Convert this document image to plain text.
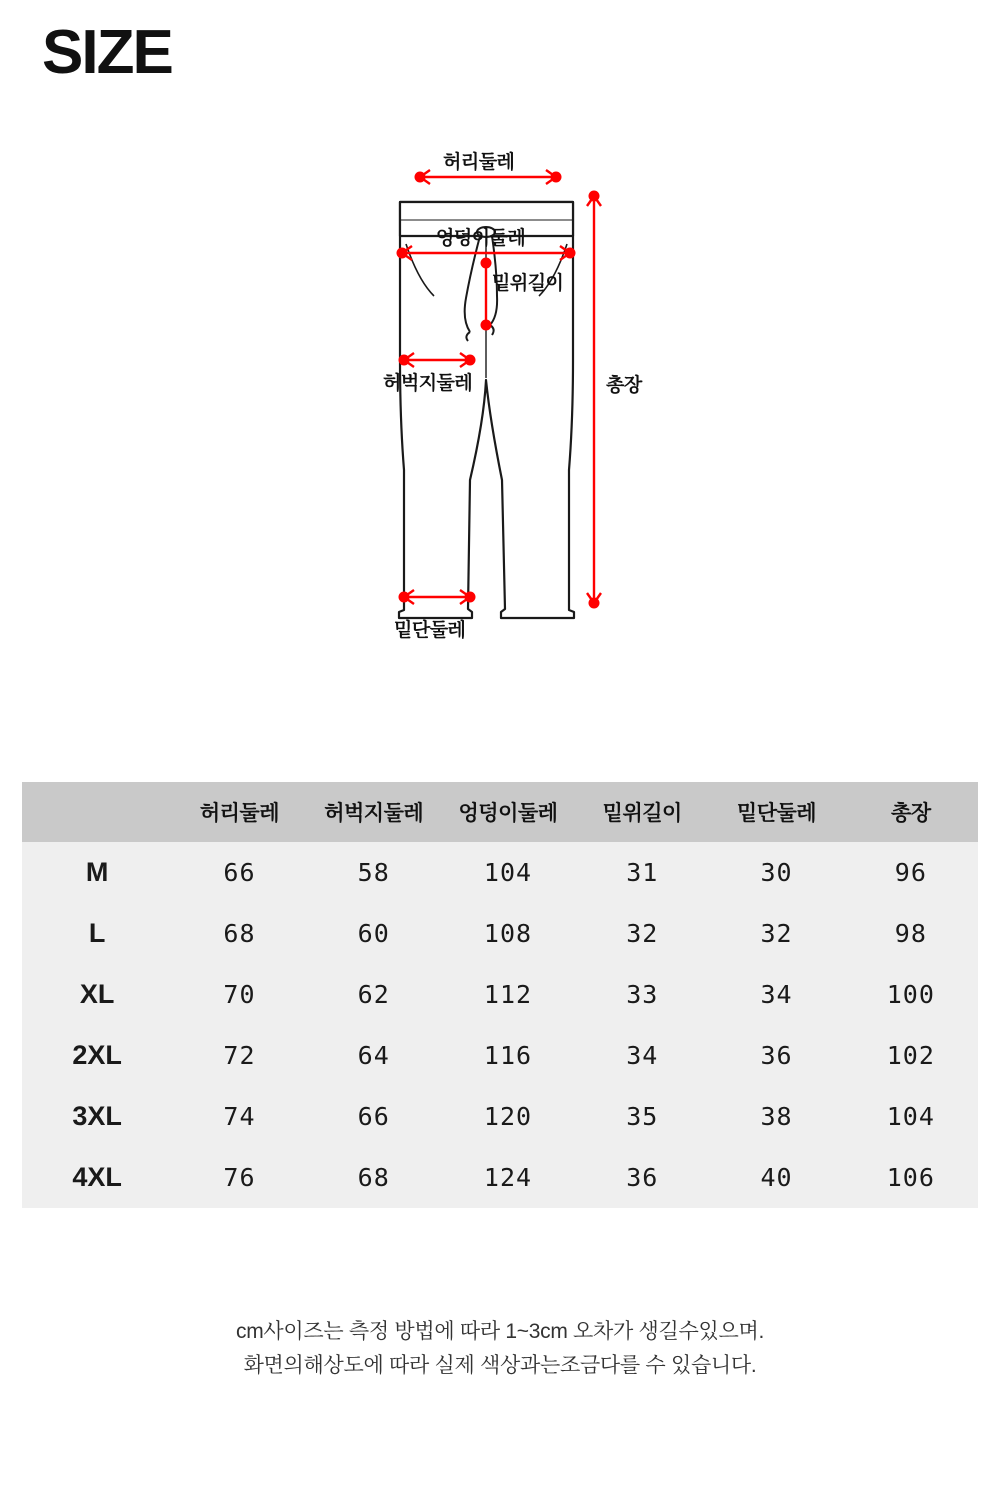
SIZE
허리둘레
엉덩이둘레
밑위길이
허벅지둘레
밑단둘레
총장
	허리둘레	허벅지둘레	엉덩이둘레	밑위길이	밑단둘레	총장
M	66	58	104	31	30	96
L	68	60	108	32	32	98
XL	70	62	112	33	34	100
2XL	72	64	116	34	36	102
3XL	74	66	120	35	38	104
4XL	76	68	124	36	40	106
cm사이즈는 측정 방법에 따라 1~3cm 오차가 생길수있으며.
화면의해상도에 따라 실제 색상과는조금다를 수 있습니다.
